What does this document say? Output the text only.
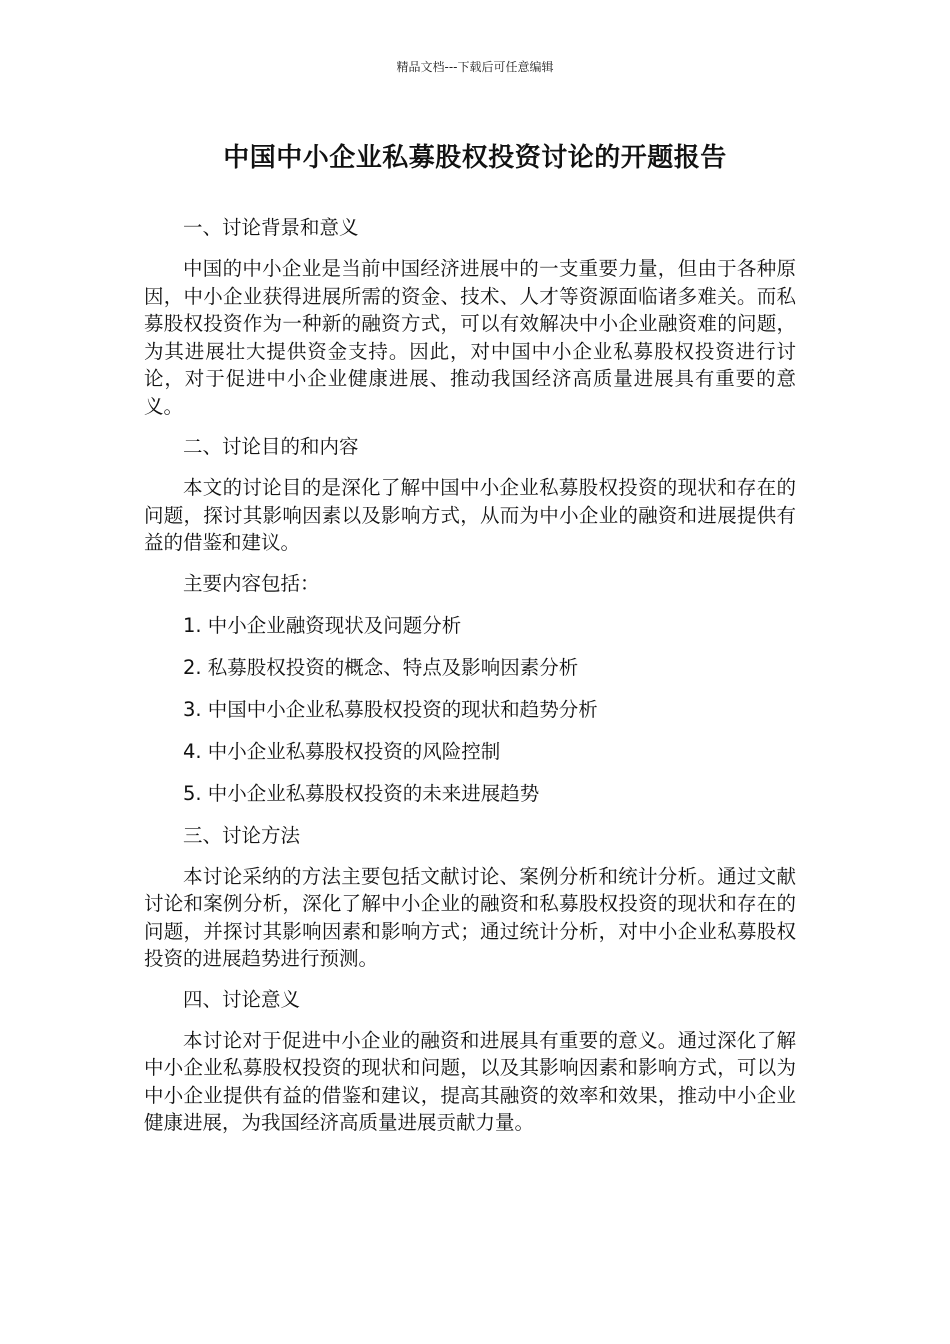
精品文档---下载后可任意编辑
中国中小企业私募股权投资讨论的开题报告
一、讨论背景和意义

中国的中小企业是当前中国经济进展中的一支重要力量，但由于各种原因，中小企业获得进展所需的资金、技术、人才等资源面临诸多难关。而私募股权投资作为一种新的融资方式，可以有效解决中小企业融资难的问题，为其进展壮大提供资金支持。因此，对中国中小企业私募股权投资进行讨论，对于促进中小企业健康进展、推动我国经济高质量进展具有重要的意义。

二、讨论目的和内容

本文的讨论目的是深化了解中国中小企业私募股权投资的现状和存在的问题，探讨其影响因素以及影响方式，从而为中小企业的融资和进展提供有益的借鉴和建议。

主要内容包括：
1. 中小企业融资现状及问题分析
2. 私募股权投资的概念、特点及影响因素分析
3. 中国中小企业私募股权投资的现状和趋势分析
4. 中小企业私募股权投资的风险控制
5. 中小企业私募股权投资的未来进展趋势
三、讨论方法

本讨论采纳的方法主要包括文献讨论、案例分析和统计分析。通过文献讨论和案例分析，深化了解中小企业的融资和私募股权投资的现状和存在的问题，并探讨其影响因素和影响方式；通过统计分析，对中小企业私募股权投资的进展趋势进行预测。

四、讨论意义

本讨论对于促进中小企业的融资和进展具有重要的意义。通过深化了解中小企业私募股权投资的现状和问题，以及其影响因素和影响方式，可以为中小企业提供有益的借鉴和建议，提高其融资的效率和效果，推动中小企业健康进展，为我国经济高质量进展贡献力量。
